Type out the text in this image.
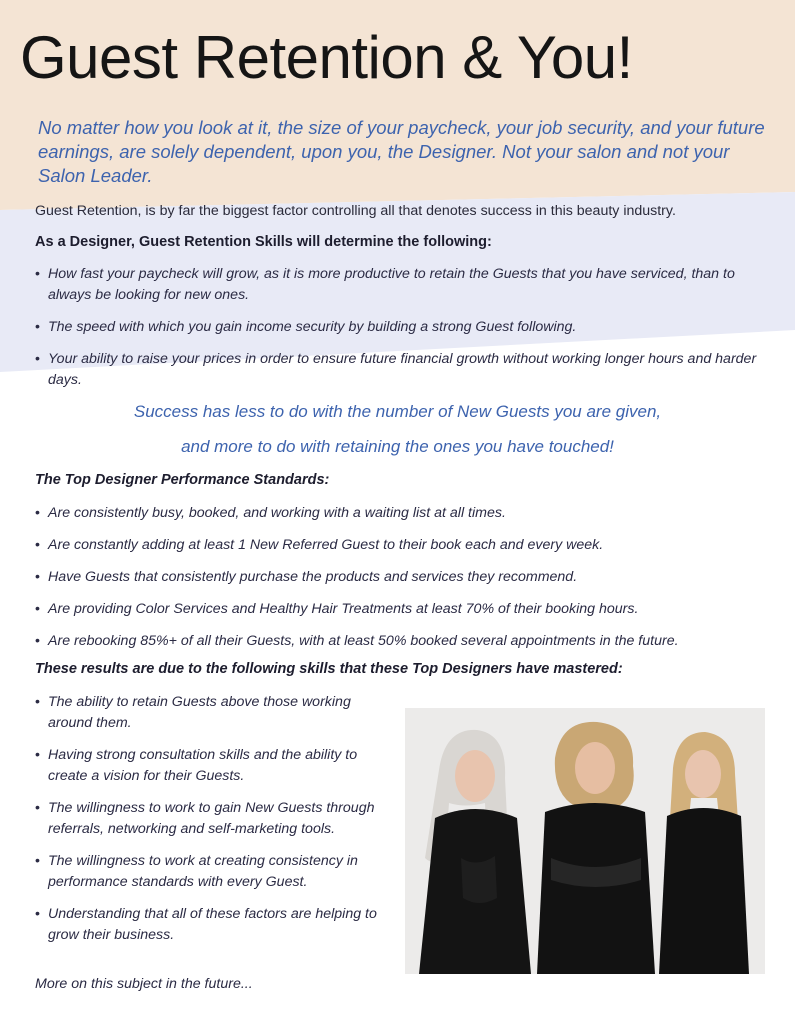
Guest Retention & You!
No matter how you look at it, the size of your paycheck, your job security, and your future earnings, are solely dependent, upon you, the Designer. Not your salon and not your Salon Leader.
Guest Retention, is by far the biggest factor controlling all that denotes success in this beauty industry.
As a Designer, Guest Retention Skills will determine the following:
• How fast your paycheck will grow, as it is more productive to retain the Guests that you have serviced, than to always be looking for new ones.
• The speed with which you gain income security by building a strong Guest following.
• Your ability to raise your prices in order to ensure future financial growth without working longer hours and harder days.
Success has less to do with the number of New Guests you are given,
and more to do with retaining the ones you have touched!
The Top Designer Performance Standards:
• Are consistently busy, booked, and working with a waiting list at all times.
• Are constantly adding at least 1 New Referred Guest to their book each and every week.
• Have Guests that consistently purchase the products and services they recommend.
• Are providing Color Services and Healthy Hair Treatments at least 70% of their booking hours.
• Are rebooking 85%+ of all their Guests, with at least 50% booked several appointments in the future.
These results are due to the following skills that these Top Designers have mastered:
• The ability to retain Guests above those working around them.
• Having strong consultation skills and the ability to create a vision for their Guests.
• The willingness to work to gain New Guests through referrals, networking and self-marketing tools.
• The willingness to work at creating consistency in performance standards with every Guest.
• Understanding that all of these factors are helping to grow their business.
More on this subject in the future...
